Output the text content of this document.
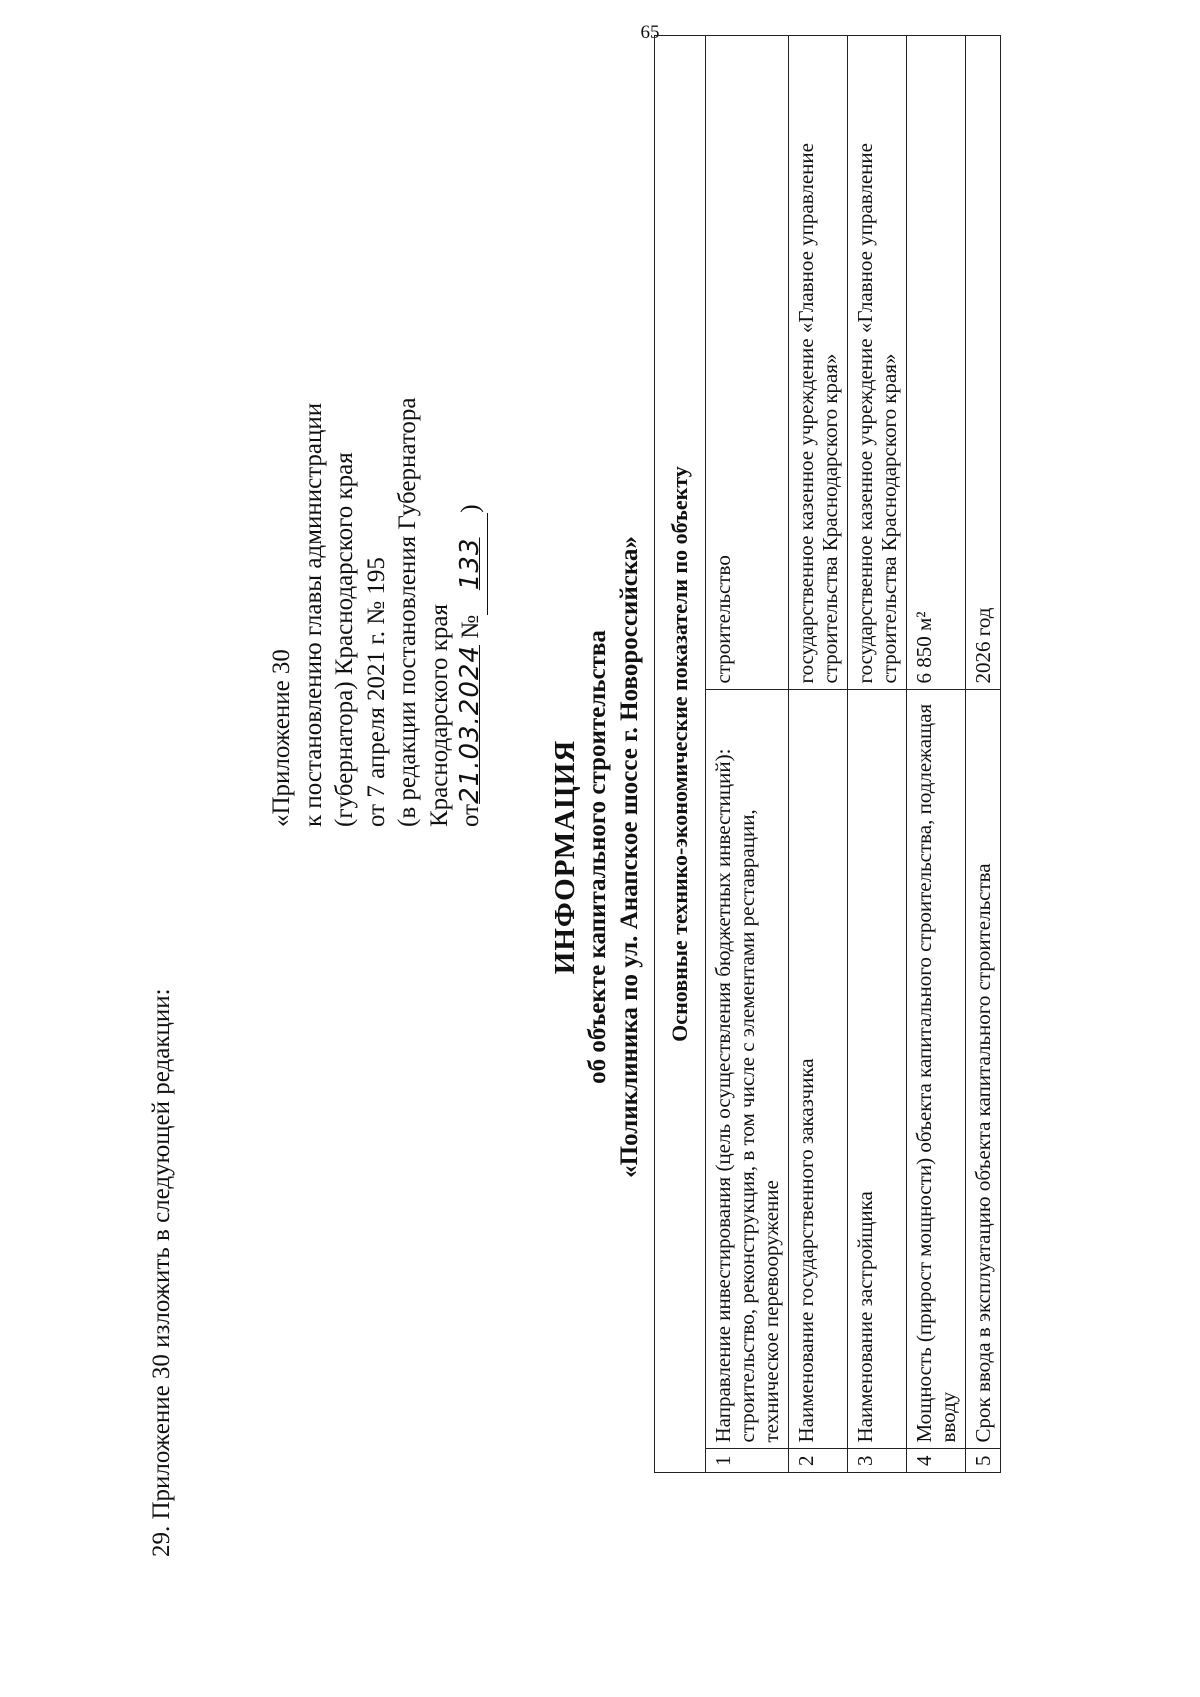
65
29. Приложение 30 изложить в следующей редакции:
«Приложение 30 к постановлению главы администрации (губернатора) Краснодарского края от 7 апреля 2021 г. № 195 (в редакции постановления Губернатора Краснодарского края от21.03.2024 №   133   )
ИНФОРМАЦИЯ об объекте капитального строительства «Поликлиника по ул. Анапское шоссе г. Новороссийска» Основные технико-экономические показатели по объекту		
1	Направление инвестирования (цель осуществления бюджетных инвестиций): строительство, реконструкция, в том числе с элементами реставрации, техническое перевооружение	строительство
2	Наименование государственного заказчика	государственное казенное учреждение «Главное управление строительства Краснодарского края»
3	Наименование застройщика	государственное казенное учреждение «Главное управление строительства Краснодарского края»
4	Мощность (прирост мощности) объекта капитального строительства, подлежащая вводу	6 850 м²
5	Срок ввода в эксплуатацию объекта капитального строительства	2026 год
